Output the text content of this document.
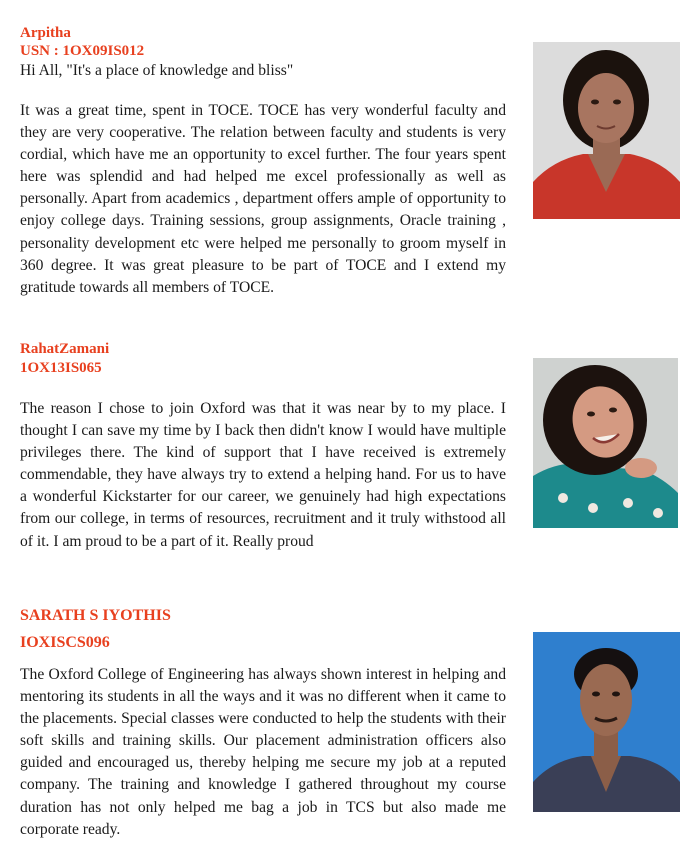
Arpitha

USN : 1OX09IS012

Hi All, "It's a place of knowledge and bliss"

It was a great time, spent in TOCE. TOCE has very wonderful faculty and they are very cooperative. The relation between faculty and students is very cordial, which have me an opportunity to excel further. The four years spent here was splendid and had helped me excel professionally as well as personally. Apart from academics , department offers ample of opportunity to enjoy college days. Training sessions, group assignments, Oracle training , personality development etc were helped me personally to groom myself in 360 degree. It was great pleasure to be part of TOCE and I extend my gratitude towards all members of TOCE.

RahatZamani

1OX13IS065

The reason I chose to join Oxford was that it was near by to my place. I thought I can save my time by I back then didn't know I would have multiple privileges there. The kind of support that I have received is extremely commendable, they have always try to extend a helping hand. For us to have a wonderful Kickstarter for our career, we genuinely had high expectations from our college, in terms of resources, recruitment and it truly withstood all of it. I am proud to be a part of it. Really proud

SARATH S IYOTHIS

IOXISCS096

The Oxford College of Engineering has always shown interest in helping and mentoring its students in all the ways and it was no different when it came to the placements. Special classes were conducted to help the students with their soft skills and training skills. Our placement administration officers also guided and encouraged us, thereby helping me secure my job at a reputed company. The training and knowledge I gathered throughout my course duration has not only helped me bag a job in TCS but also made me corporate ready.
